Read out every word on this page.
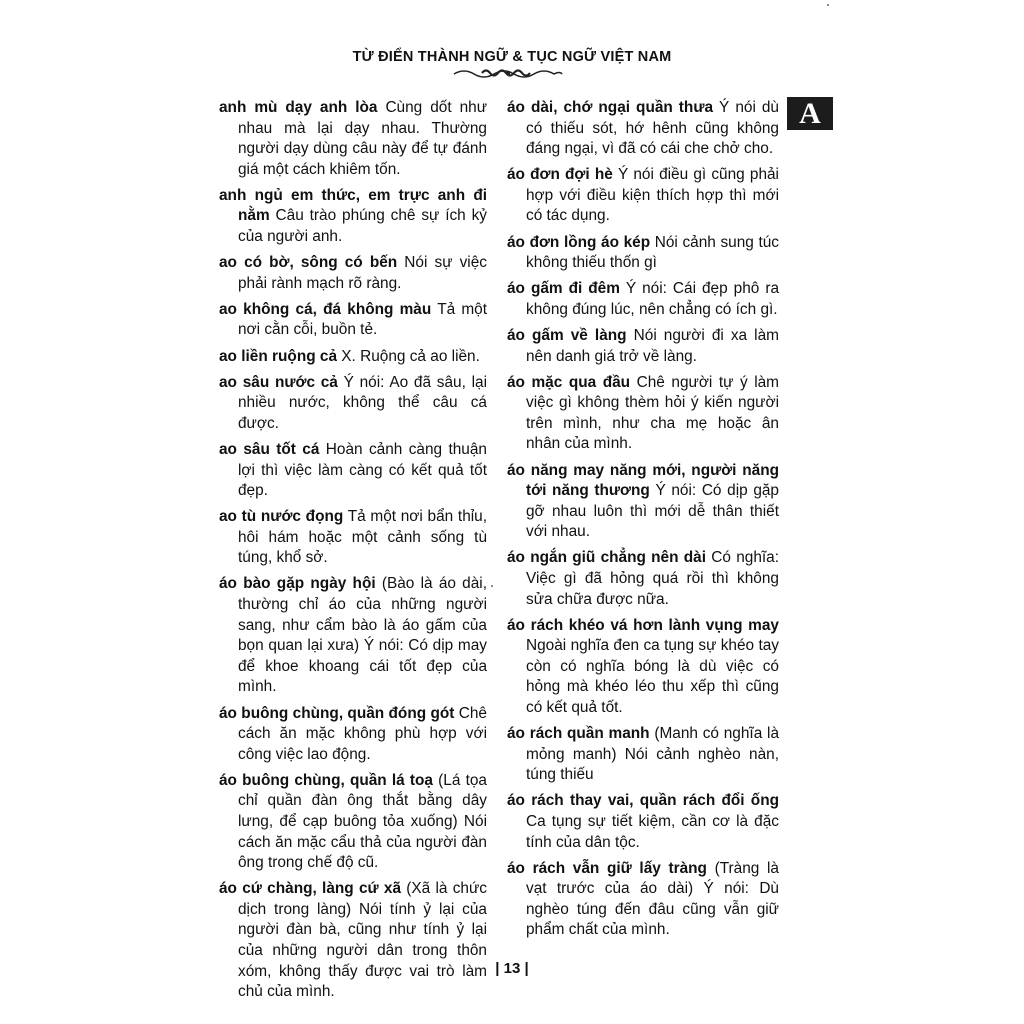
TỪ ĐIỂN THÀNH NGỮ & TỤC NGỮ VIỆT NAM
A

anh mù dạy anh lòa Cùng dốt như nhau mà lại dạy nhau. Thường người dạy dùng câu này để tự đánh giá một cách khiêm tốn.

anh ngủ em thức, em trực anh đi nằm Câu trào phúng chê sự ích kỷ của người anh.

ao có bờ, sông có bến Nói sự việc phải rành mạch rõ ràng.

ao không cá, đá không màu Tả một nơi cằn cỗi, buồn tẻ.

ao liền ruộng cả X. Ruộng cả ao liền.

ao sâu nước cả Ý nói: Ao đã sâu, lại nhiều nước, không thể câu cá được.

ao sâu tốt cá Hoàn cảnh càng thuận lợi thì việc làm càng có kết quả tốt đẹp.

ao tù nước đọng Tả một nơi bẩn thỉu, hôi hám hoặc một cảnh sống tù túng, khổ sở.

áo bào gặp ngày hội (Bào là áo dài, thường chỉ áo của những người sang, như cẩm bào là áo gấm của bọn quan lại xưa) Ý nói: Có dịp may để khoe khoang cái tốt đẹp của mình.

áo buông chùng, quần đóng gót Chê cách ăn mặc không phù hợp với công việc lao động.

áo buông chùng, quần lá toạ (Lá tọa chỉ quần đàn ông thắt bằng dây lưng, để cạp buông tỏa xuống) Nói cách ăn mặc cẩu thả của người đàn ông trong chế độ cũ.

áo cứ chàng, làng cứ xã (Xã là chức dịch trong làng) Nói tính ỷ lại của người đàn bà, cũng như tính ỷ lại của những người dân trong thôn xóm, không thấy được vai trò làm chủ của mình.

áo dài, chớ ngại quần thưa Ý nói dù có thiếu sót, hớ hênh cũng không đáng ngại, vì đã có cái che chở cho.

áo đơn đợi hè Ý nói điều gì cũng phải hợp với điều kiện thích hợp thì mới có tác dụng.

áo đơn lồng áo kép Nói cảnh sung túc không thiếu thốn gì

áo gấm đi đêm Ý nói: Cái đẹp phô ra không đúng lúc, nên chẳng có ích gì.

áo gấm về làng Nói người đi xa làm nên danh giá trở về làng.

áo mặc qua đầu Chê người tự ý làm việc gì không thèm hỏi ý kiến người trên mình, như cha mẹ hoặc ân nhân của mình.

áo năng may năng mới, người năng tới năng thương Ý nói: Có dịp gặp gỡ nhau luôn thì mới dễ thân thiết với nhau.

áo ngắn giũ chẳng nên dài Có nghĩa: Việc gì đã hỏng quá rồi thì không sửa chữa được nữa.

áo rách khéo vá hơn lành vụng may Ngoài nghĩa đen ca tụng sự khéo tay còn có nghĩa bóng là dù việc có hỏng mà khéo léo thu xếp thì cũng có kết quả tốt.

áo rách quần manh (Manh có nghĩa là mỏng manh) Nói cảnh nghèo nàn, túng thiếu

áo rách thay vai, quần rách đổi ống Ca tụng sự tiết kiệm, cần cơ là đặc tính của dân tộc.

áo rách vẫn giữ lấy tràng (Tràng là vạt trước của áo dài) Ý nói: Dù nghèo túng đến đâu cũng vẫn giữ phẩm chất của mình.

| 13 |
